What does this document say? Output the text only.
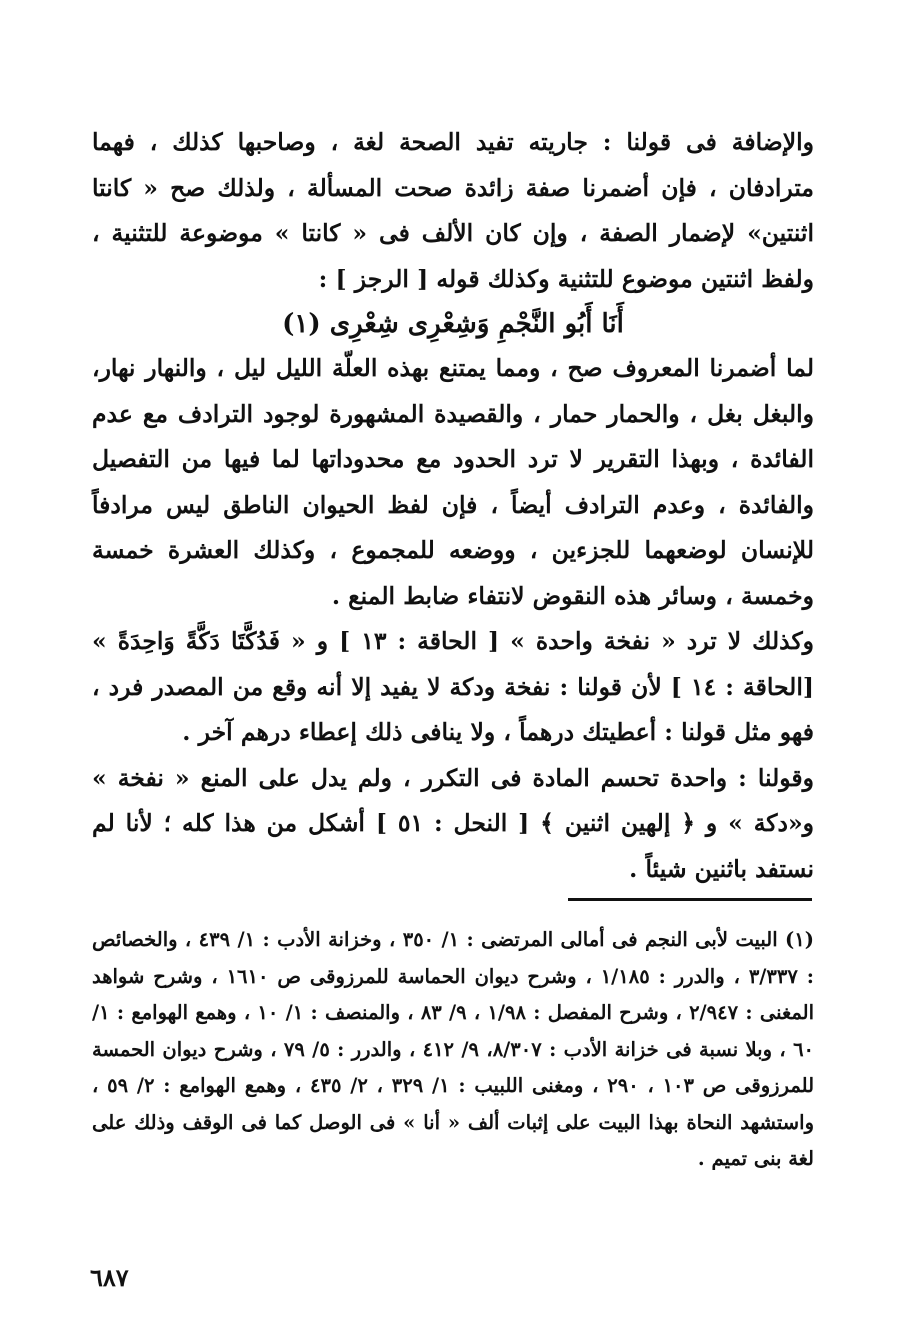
والإضافة فى قولنا : جاريته تفيد الصحة لغة ، وصاحبها كذلك ، فهما مترادفان ، فإن أضمرنا صفة زائدة صحت المسألة ، ولذلك صح « كانتا اثنتين» لإضمار الصفة ، وإن كان الألف فى « كانتا » موضوعة للتثنية ، ولفظ اثنتين موضوع للتثنية وكذلك قوله [ الرجز ] :

أَنَا أَبُو النَّجْمِ وَشِعْرِى شِعْرِى (١)

لما أضمرنا المعروف صح ، ومما يمتنع بهذه العلّة الليل ليل ، والنهار نهار، والبغل بغل ، والحمار حمار ، والقصيدة المشهورة لوجود الترادف مع عدم الفائدة ، وبهذا التقرير لا ترد الحدود مع محدوداتها لما فيها من التفصيل والفائدة ، وعدم الترادف أيضاً ، فإن لفظ الحيوان الناطق ليس مرادفاً للإنسان لوضعهما للجزءين ، ووضعه للمجموع ، وكذلك العشرة خمسة وخمسة ، وسائر هذه النقوض لانتفاء ضابط المنع .

وكذلك لا ترد « نفخة واحدة » [ الحاقة : ١٣ ] و « فَدُكَّتَا دَكَّةً وَاحِدَةً » [الحاقة : ١٤ ] لأن قولنا : نفخة ودكة لا يفيد إلا أنه وقع من المصدر فرد ، فهو مثل قولنا : أعطيتك درهماً ، ولا ينافى ذلك إعطاء درهم آخر .

وقولنا : واحدة تحسم المادة فى التكرر ، ولم يدل على المنع « نفخة » و«دكة » و ﴿ إلهين اثنين ﴾ [ النحل : ٥١ ] أشكل من هذا كله ؛ لأنا لم نستفد باثنين شيئاً .

(١) البيت لأبى النجم فى أمالى المرتضى : ١/ ٣٥٠ ، وخزانة الأدب : ١/ ٤٣٩ ، والخصائص : ٣/٣٣٧ ، والدرر : ١/١٨٥ ، وشرح ديوان الحماسة للمرزوقى ص ١٦١٠ ، وشرح شواهد المغنى : ٢/٩٤٧ ، وشرح المفصل : ١/٩٨ ، ٩/ ٨٣ ، والمنصف : ١/ ١٠ ، وهمع الهوامع : ١/ ٦٠ ، وبلا نسبة فى خزانة الأدب : ٨/٣٠٧، ٩/ ٤١٢ ، والدرر : ٥/ ٧٩ ، وشرح ديوان الحمسة للمرزوقى ص ١٠٣ ، ٢٩٠ ، ومغنى اللبيب : ١/ ٣٢٩ ، ٢/ ٤٣٥ ، وهمع الهوامع : ٢/ ٥٩ ، واستشهد النحاة بهذا البيت على إثبات ألف « أنا » فى الوصل كما فى الوقف وذلك على لغة بنى تميم .

٦٨٧
